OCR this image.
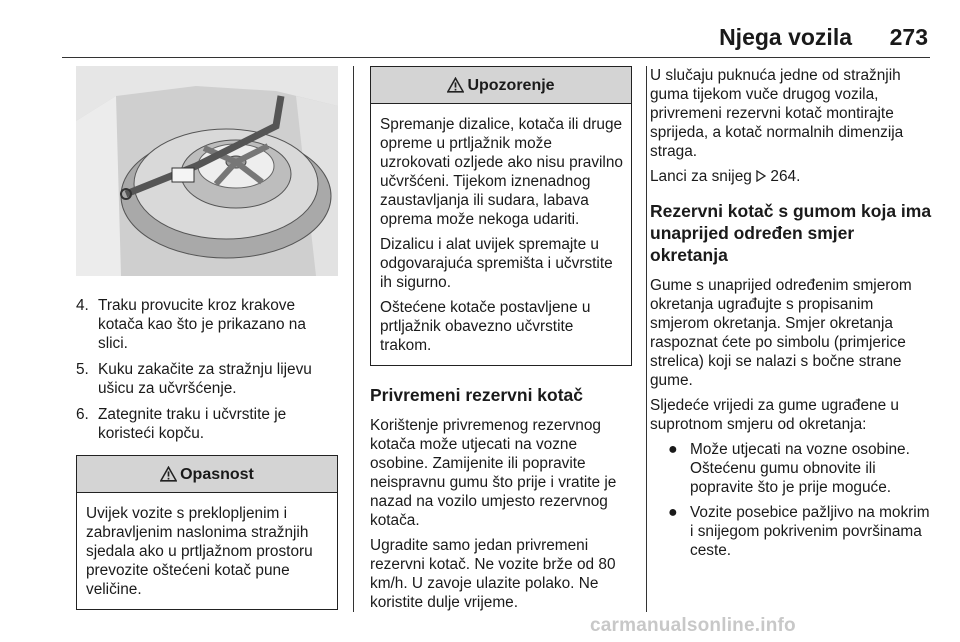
Njega vozila 273
4. Traku provucite kroz krakove kotača kao što je prikazano na slici.
5. Kuku zakačite za stražnju lijevu ušicu za učvršćenje.
6. Zategnite traku i učvrstite je koristeći kopču.
Opasnost

Uvijek vozite s preklopljenim i zabravljenim naslonima stražnjih sjedala ako u prtljažnom prostoru prevozite oštećeni kotač pune veličine.

Upozorenje

Spremanje dizalice, kotača ili druge opreme u prtljažnik može uzrokovati ozljede ako nisu pravilno učvršćeni. Tijekom iznenadnog zaustavljanja ili sudara, labava oprema može nekoga udariti.

Dizalicu i alat uvijek spremajte u odgovarajuća spremišta i učvrstite ih sigurno.

Oštećene kotače postavljene u prtljažnik obavezno učvrstite trakom.

Privremeni rezervni kotač

Korištenje privremenog rezervnog kotača može utjecati na vozne osobine. Zamijenite ili popravite neispravnu gumu što prije i vratite je nazad na vozilo umjesto rezervnog kotača.

Ugradite samo jedan privremeni rezervni kotač. Ne vozite brže od 80 km/h. U zavoje ulazite polako. Ne koristite dulje vrijeme.

U slučaju puknuća jedne od stražnjih guma tijekom vuče drugog vozila, privremeni rezervni kotač montirajte sprijeda, a kotač normalnih dimenzija straga.

Lanci za snijeg 264.

Rezervni kotač s gumom koja ima unaprijed određen smjer okretanja

Gume s unaprijed određenim smjerom okretanja ugrađujte s propisanim smjerom okretanja. Smjer okretanja raspoznat ćete po simbolu (primjerice strelica) koji se nalazi s bočne strane gume.

Sljedeće vrijedi za gume ugrađene u suprotnom smjeru od okretanja:

● Može utjecati na vozne osobine. Oštećenu gumu obnovite ili popravite što je prije moguće.
● Vozite posebice pažljivo na mokrim i snijegom pokrivenim površinama ceste.
carmanualsonline.info
